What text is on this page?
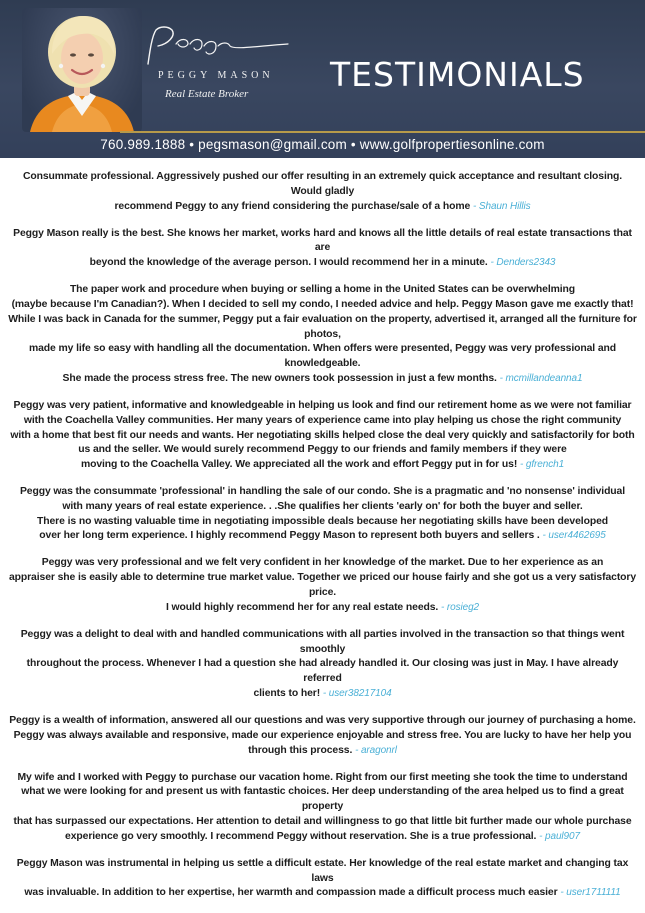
PEGGY MASON
Real Estate Broker TESTIMONIALS
760.989.1888 • pegsmason@gmail.com • www.golfpropertiesonline.com
Consummate professional. Aggressively pushed our offer resulting in an extremely quick acceptance and resultant closing. Would gladly
recommend Peggy to any friend considering the purchase/sale of a home - Shaun Hillis
Peggy Mason really is the best. She knows her market, works hard and knows all the little details of real estate transactions that are
beyond the knowledge of the average person. I would recommend her in a minute. - Denders2343
The paper work and procedure when buying or selling a home in the United States can be overwhelming
(maybe because I'm Canadian?). When I decided to sell my condo, I needed advice and help. Peggy Mason gave me exactly that!
While I was back in Canada for the summer, Peggy put a fair evaluation on the property, advertised it, arranged all the furniture for photos,
made my life so easy with handling all the documentation. When offers were presented, Peggy was very professional and knowledgeable.
She made the process stress free. The new owners took possession in just a few months. - mcmillandeanna1
Peggy was very patient, informative and knowledgeable in helping us look and find our retirement home as we were not familiar
with the Coachella Valley communities. Her many years of experience came into play helping us chose the right community
with a home that best fit our needs and wants. Her negotiating skills helped close the deal very quickly and satisfactorily for both
us and the seller. We would surely recommend Peggy to our friends and family members if they were
moving to the Coachella Valley. We appreciated all the work and effort Peggy put in for us! - gfrench1
Peggy was the consummate 'professional' in handling the sale of our condo. She is a pragmatic and 'no nonsense' individual
with many years of real estate experience. . .She qualifies her clients 'early on' for both the buyer and seller.
There is no wasting valuable time in negotiating impossible deals because her negotiating skills have been developed
over her long term experience. I highly recommend Peggy Mason to represent both buyers and sellers . - user4462695
Peggy was very professional and we felt very confident in her knowledge of the market. Due to her experience as an
appraiser she is easily able to determine true market value. Together we priced our house fairly and she got us a very satisfactory price.
I would highly recommend her for any real estate needs. - rosieg2
Peggy was a delight to deal with and handled communications with all parties involved in the transaction so that things went smoothly
throughout the process. Whenever I had a question she had already handled it. Our closing was just in May. I have already referred
clients to her! - user38217104
Peggy is a wealth of information, answered all our questions and was very supportive through our journey of purchasing a home.
Peggy was always available and responsive, made our experience enjoyable and stress free. You are lucky to have her help you
through this process. - aragonrl
My wife and I worked with Peggy to purchase our vacation home. Right from our first meeting she took the time to understand
what we were looking for and present us with fantastic choices. Her deep understanding of the area helped us to find a great property
that has surpassed our expectations. Her attention to detail and willingness to go that little bit further made our whole purchase
experience go very smoothly. I recommend Peggy without reservation. She is a true professional. - paul907
Peggy Mason was instrumental in helping us settle a difficult estate. Her knowledge of the real estate market and changing tax laws
was invaluable. In addition to her expertise, her warmth and compassion made a difficult process much easier - user1711111
